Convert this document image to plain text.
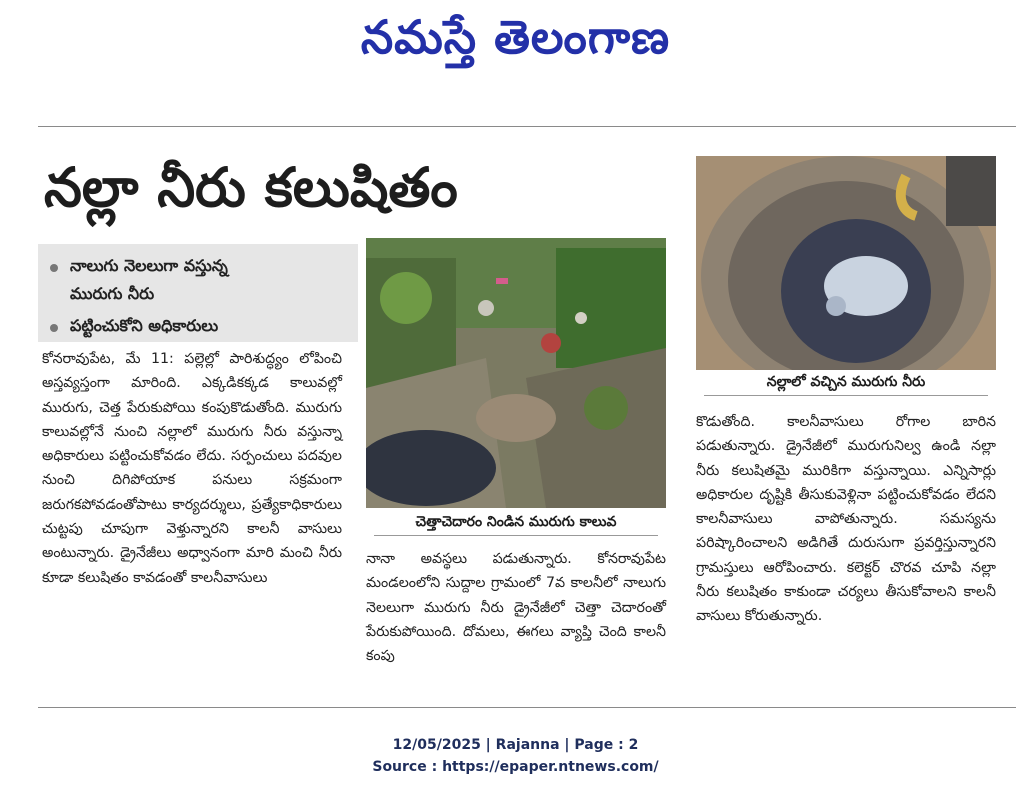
నమస్తే తెలంగాణ
నల్లా నీరు కలుషితం
నాలుగు నెలలుగా వస్తున్న
మురుగు నీరు
పట్టించుకోని అధికారులు

కోనరావుపేట, మే 11: పల్లెల్లో పారిశుద్ధ్యం లోపించి అస్తవ్యస్తంగా మారింది. ఎక్కడికక్కడ కాలువల్లో మురుగు, చెత్త పేరుకుపోయి కంపుకొడుతోంది. మురుగు కాలువల్లోనే నుంచి నల్లాలో మురుగు నీరు వస్తున్నా అధికారులు పట్టించుకోవడం లేదు. సర్పంచులు పదవుల నుంచి దిగిపోయాక పనులు సక్రమంగా జరుగకపోవడంతోపాటు కార్యదర్శులు, ప్రత్యేకాధికారులు చుట్టపు చూపుగా వెళ్తున్నారని కాలనీ వాసులు అంటున్నారు. డ్రైనేజీలు అధ్వానంగా మారి మంచి నీరు కూడా కలుషితం కావడంతో కాలనీవాసులు

చెత్తాచెదారం నిండిన మురుగు కాలువ

నానా అవస్థలు పడుతున్నారు. కోనరావుపేట మండలంలోని సుద్దాల గ్రామంలో 7వ కాలనీలో నాలుగు నెలలుగా మురుగు నీరు డ్రైనేజీలో చెత్తా చెదారంతో పేరుకుపోయింది. దోమలు, ఈగలు వ్యాప్తి చెంది కాలనీ కంపు

నల్లాలో వచ్చిన మురుగు నీరు

కొడుతోంది. కాలనీవాసులు రోగాల బారిన పడుతున్నారు. డ్రైనేజీలో మురుగునిల్వ ఉండి నల్లా నీరు కలుషితమై మురికిగా వస్తున్నాయి. ఎన్నిసార్లు అధికారుల దృష్టికి తీసుకువెళ్లినా పట్టించుకోవడం లేదని కాలనీవాసులు వాపోతున్నారు. సమస్యను పరిష్కారించాలని అడిగితే దురుసుగా ప్రవర్తిస్తున్నారని గ్రామస్తులు ఆరోపించారు. కలెక్టర్ చొరవ చూపి నల్లా నీరు కలుషితం కాకుండా చర్యలు తీసుకోవాలని కాలనీ వాసులు కోరుతున్నారు.

12/05/2025 | Rajanna | Page : 2
Source : https://epaper.ntnews.com/
